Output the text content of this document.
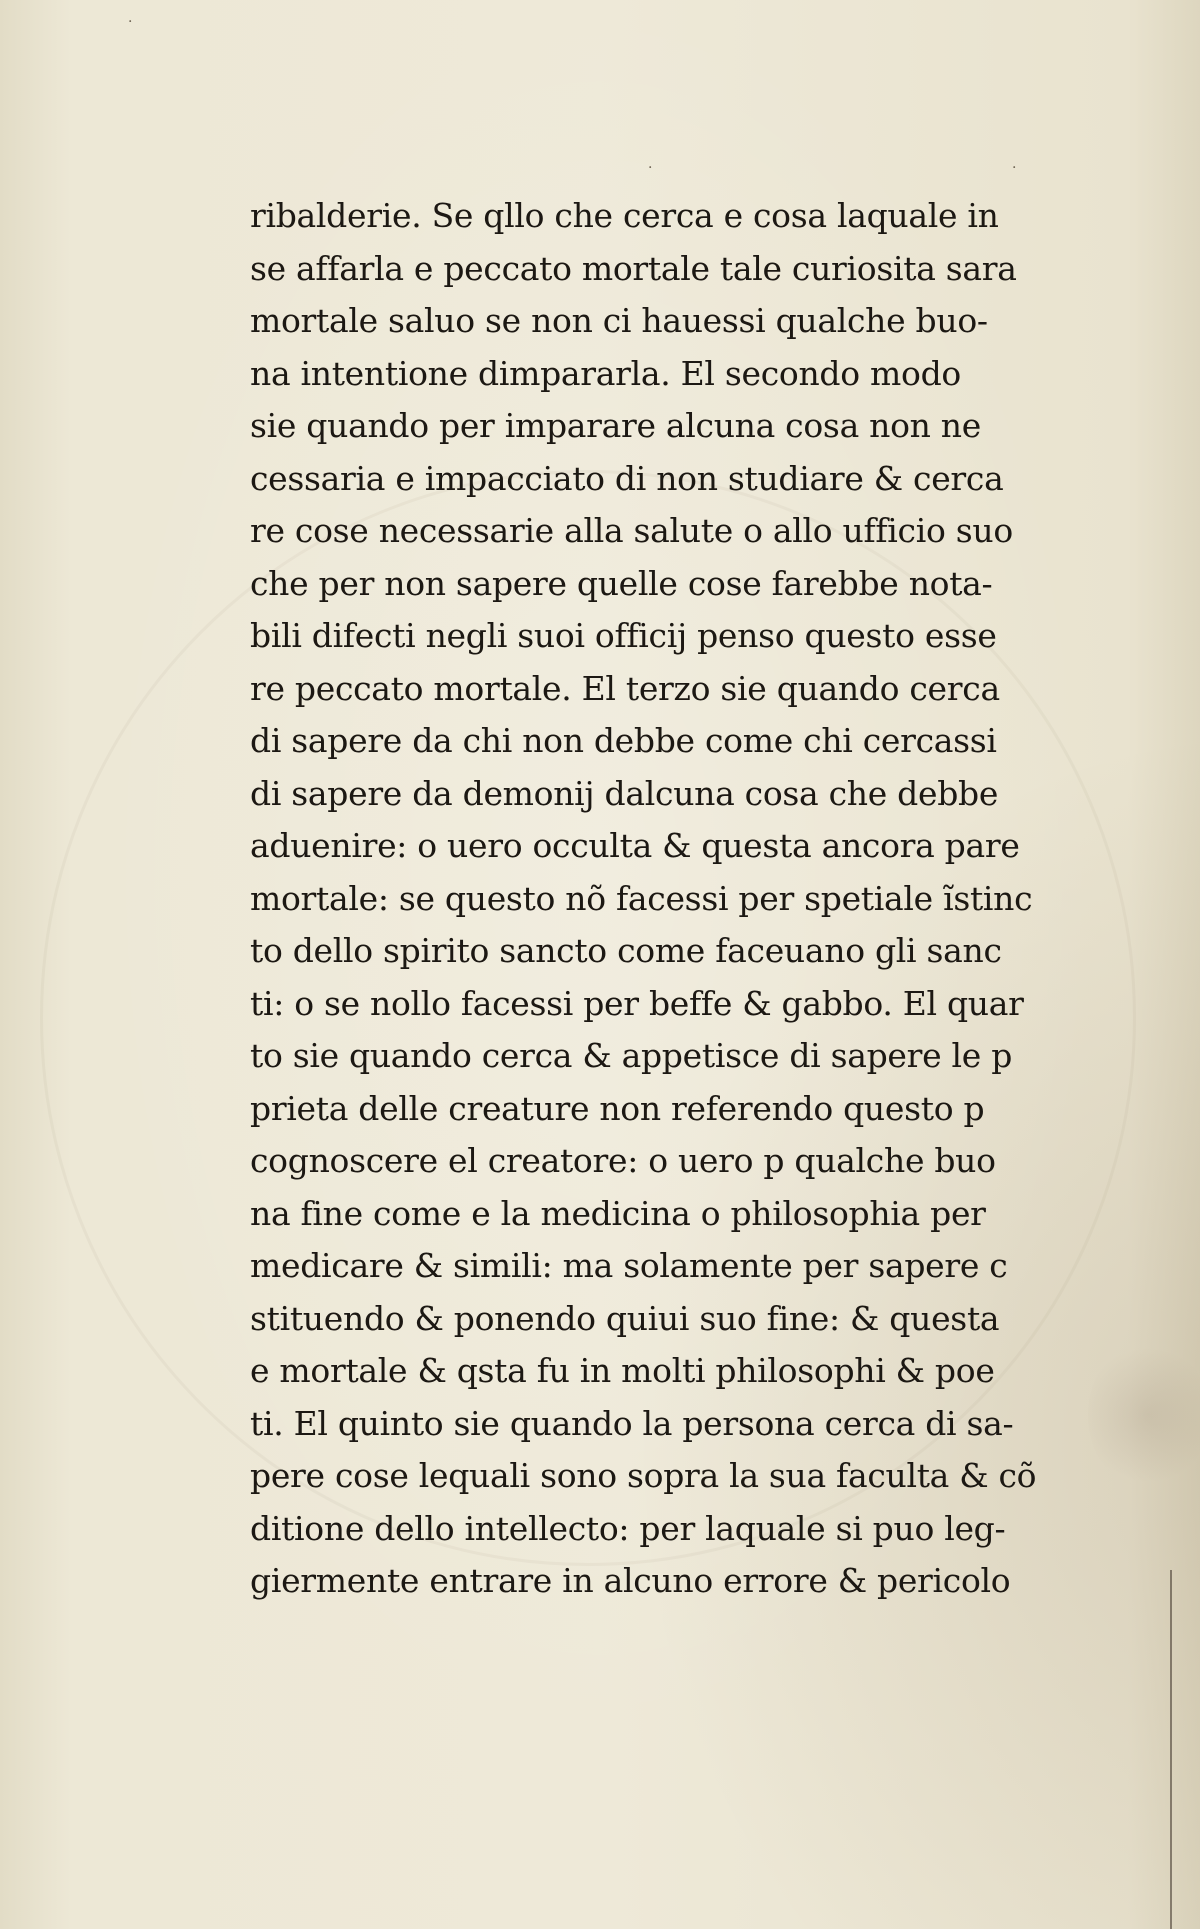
·
·	·
ribalderie. Se qllo che cerca e cosa laquale in
se affarla e peccato mortale tale curiosita sara
mortale saluo se non ci hauessi qualche buo-
na intentione dimpararla. El secondo modo
sie quando per imparare alcuna cosa non ne
cessaria e impacciato di non studiare & cerca
re cose necessarie alla salute o allo ufficio suo
che per non sapere quelle cose farebbe nota-
bili difecti negli suoi officij penso questo esse
re peccato mortale. El terzo sie quando cerca
di sapere da chi non debbe come chi cercassi
di sapere da demonij dalcuna cosa che debbe
aduenire: o uero occulta & questa ancora pare
mortale: se questo nõ facessi per spetiale ĩstinc
to dello spirito sancto come faceuano gli sanc
ti: o se nollo facessi per beffe & gabbo. El quar
to sie quando cerca & appetisce di sapere le p
prieta delle creature non referendo questo p
cognoscere el creatore: o uero p qualche buo
na fine come e la medicina o philosophia per
medicare & simili: ma solamente per sapere c
stituendo & ponendo quiui suo fine: & questa
e mortale & qsta fu in molti philosophi & poe
ti. El quinto sie quando la persona cerca di sa-
pere cose lequali sono sopra la sua faculta & cõ
ditione dello intellecto: per laquale si puo leg-
giermente entrare in alcuno errore & pericolo
